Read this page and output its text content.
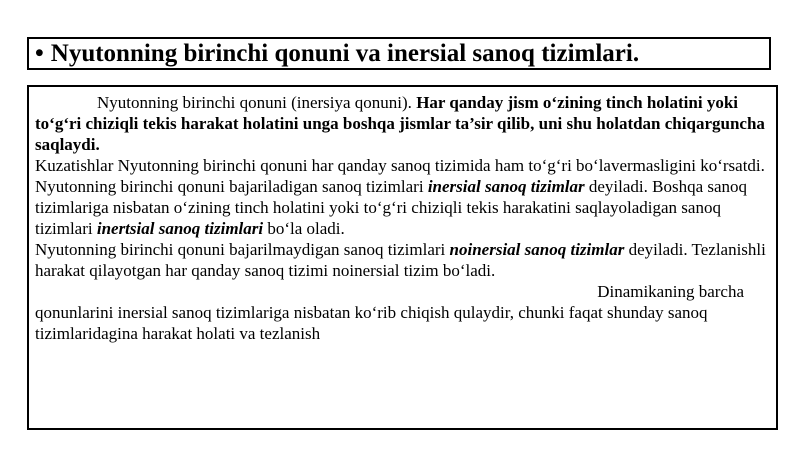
• Nyutonning birinchi qonuni va inersial sanoq tizimlari.

Nyutonning birinchi qonuni (inersiya qonuni). Har qanday jism o‘zining tinch holatini yoki to‘g‘ri chiziqli tekis harakat holatini unga boshqa jismlar ta’sir qilib, uni shu holatdan chiqarguncha saqlaydi.

Kuzatishlar Nyutonning birinchi qonuni har qanday sanoq tizimida ham to‘g‘ri bo‘lavermasligini ko‘rsatdi. Nyutonning birinchi qonuni bajariladigan sanoq tizimlari inersial sanoq tizimlar deyiladi. Boshqa sanoq tizimlariga nisbatan o‘zining tinch holatini yoki to‘g‘ri chiziqli tekis harakatini saqlayoladigan sanoq tizimlari inertsial sanoq tizimlari bo‘la oladi.

Nyutonning birinchi qonuni bajarilmaydigan sanoq tizimlari noinersial sanoq tizimlar deyiladi. Tezlanishli harakat qilayotgan har qanday sanoq tizimi noinersial tizim bo‘ladi.

Dinamikaning barcha

qonunlarini inersial sanoq tizimlariga nisbatan ko‘rib chiqish qulaydir, chunki faqat shunday sanoq tizimlaridagina harakat holati va tezlanish
